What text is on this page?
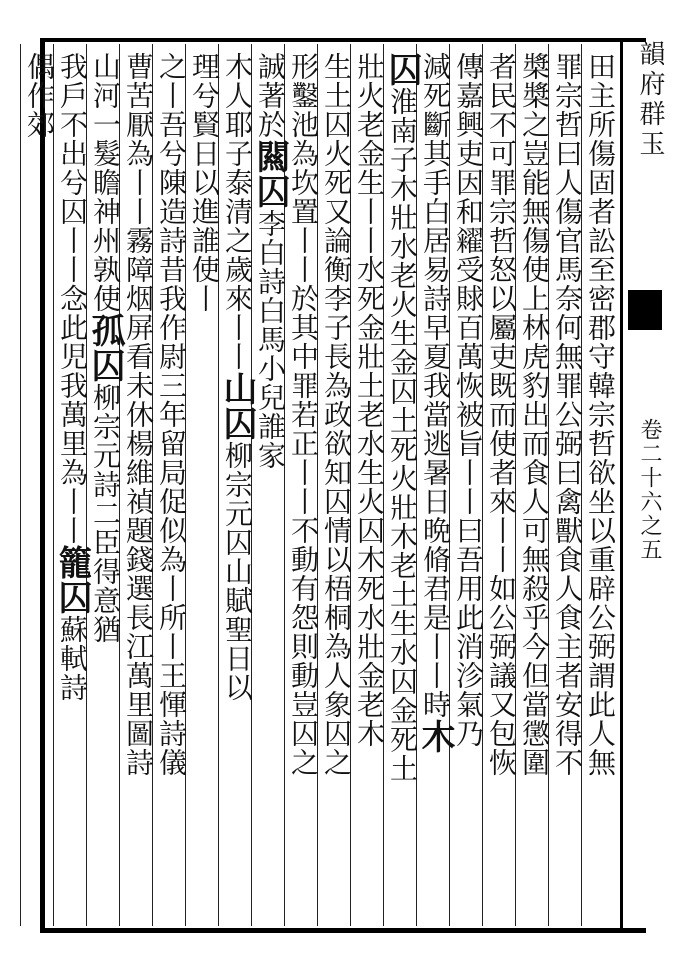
韻府群玉
卷二十六之五
田主所傷固者訟至密郡守韓宗哲欲坐以重辟公弼謂此人無
罪宗哲曰人傷官馬奈何無罪公弼曰禽獸食人食主者安得不
槳槳之豈能無傷使上林虎豹出而食人可無殺乎今但當懲圍
者民不可罪宗哲怒以屬吏既而使者來丨丨如公弼議又包恢
傳嘉興吏因和糴受賕百萬恢被旨丨丨曰吾用此消沴氣乃
減死斷其手白居易詩早夏我當逃暑日晩脩君是丨丨時木
囚淮南子木壯水老火生金囚土死火壯木老土生水囚金死土
壯火老金生丨丨水死金壯土老水生火囚木死水壯金老木
生土囚火死又論衡李子長為政欲知囚情以梧桐為人象囚之
形鑿池為坎置丨丨於其中罪若正丨丨不動有怨則動豈囚之
誠著於闗囚李白詩白馬小兒誰家
木人耶子泰清之歲來丨丨山囚柳宗元囚山賦聖日以
理兮賢日以進誰使丨
之丨吾兮陳造詩昔我作尉三年留局促似為丨所丨王惲詩儀
曹苦厭為丨丨霧障烟屏看未休楊維禎題錢選長江萬里圖詩
山河一髮瞻神州孰使孤囚柳宗元詩二臣得意猶
我戶不出兮囚丨丨念此児我萬里為丨丨籠囚蘇軾詩
偶作郊
